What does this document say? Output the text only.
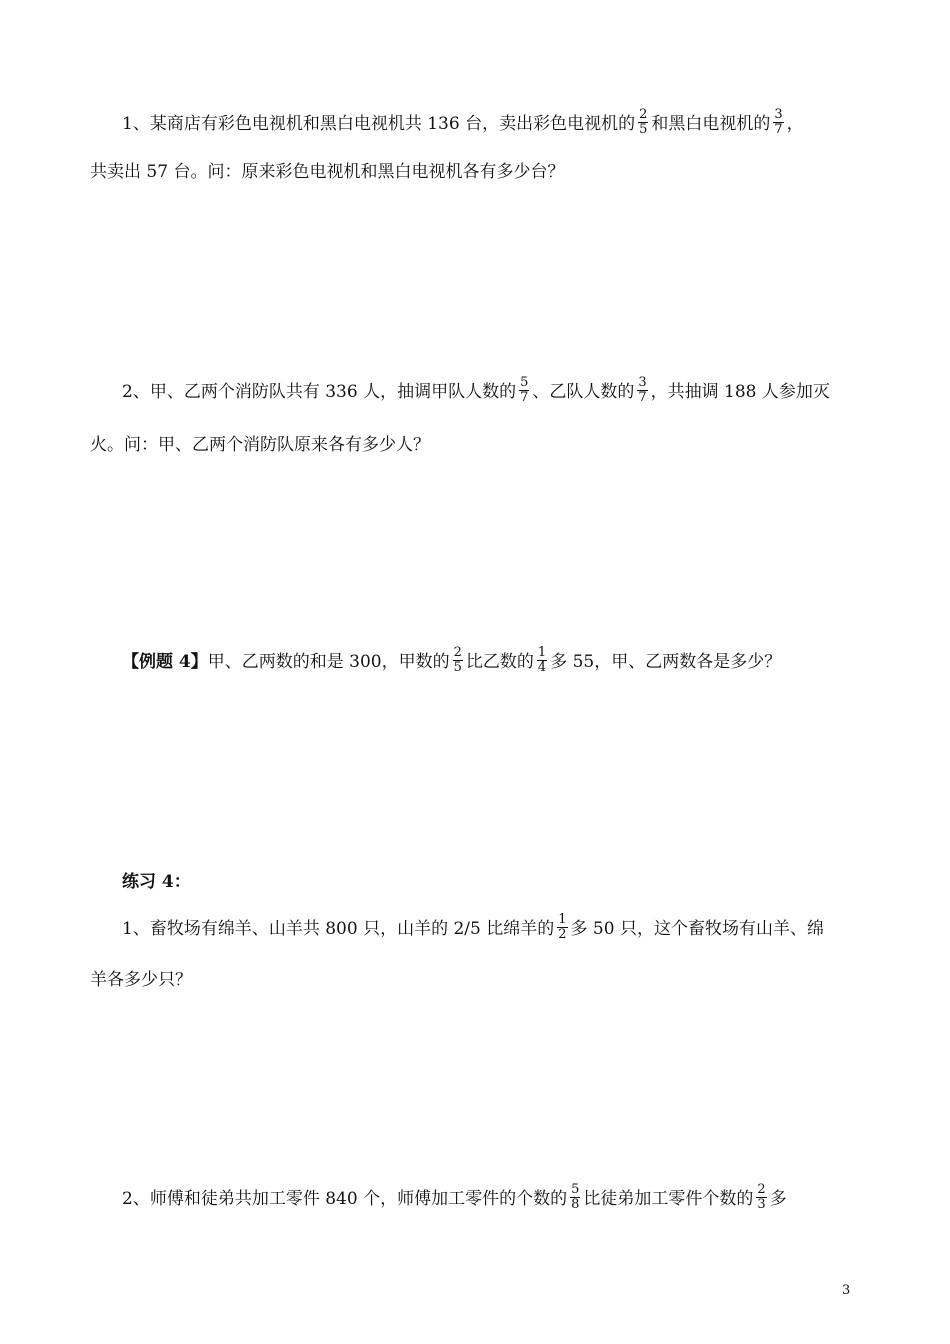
1、某商店有彩色电视机和黑白电视机共 136 台，卖出彩色电视机的 $\frac{2}{5}$ 和黑白电视机的 $\frac{3}{7}$ ，
共卖出 57 台。问：原来彩色电视机和黑白电视机各有多少台？
2、甲、乙两个消防队共有 336 人，抽调甲队人数的 $\frac{5}{7}$ 、乙队人数的 $\frac{3}{7}$ ，共抽调 188 人参加灭
火。问：甲、乙两个消防队原来各有多少人？
【例题 4】甲、乙两数的和是 300，甲数的 $\frac{2}{5}$ 比乙数的 $\frac{1}{4}$ 多 55，甲、乙两数各是多少？
练习 4：
1、畜牧场有绵羊、山羊共 800 只，山羊的 2/5 比绵羊的 $\frac{1}{2}$ 多 50 只，这个畜牧场有山羊、绵
羊各多少只？
2、师傅和徒弟共加工零件 840 个，师傅加工零件的个数的 $\frac{5}{8}$ 比徒弟加工零件个数的 $\frac{2}{3}$ 多
3
